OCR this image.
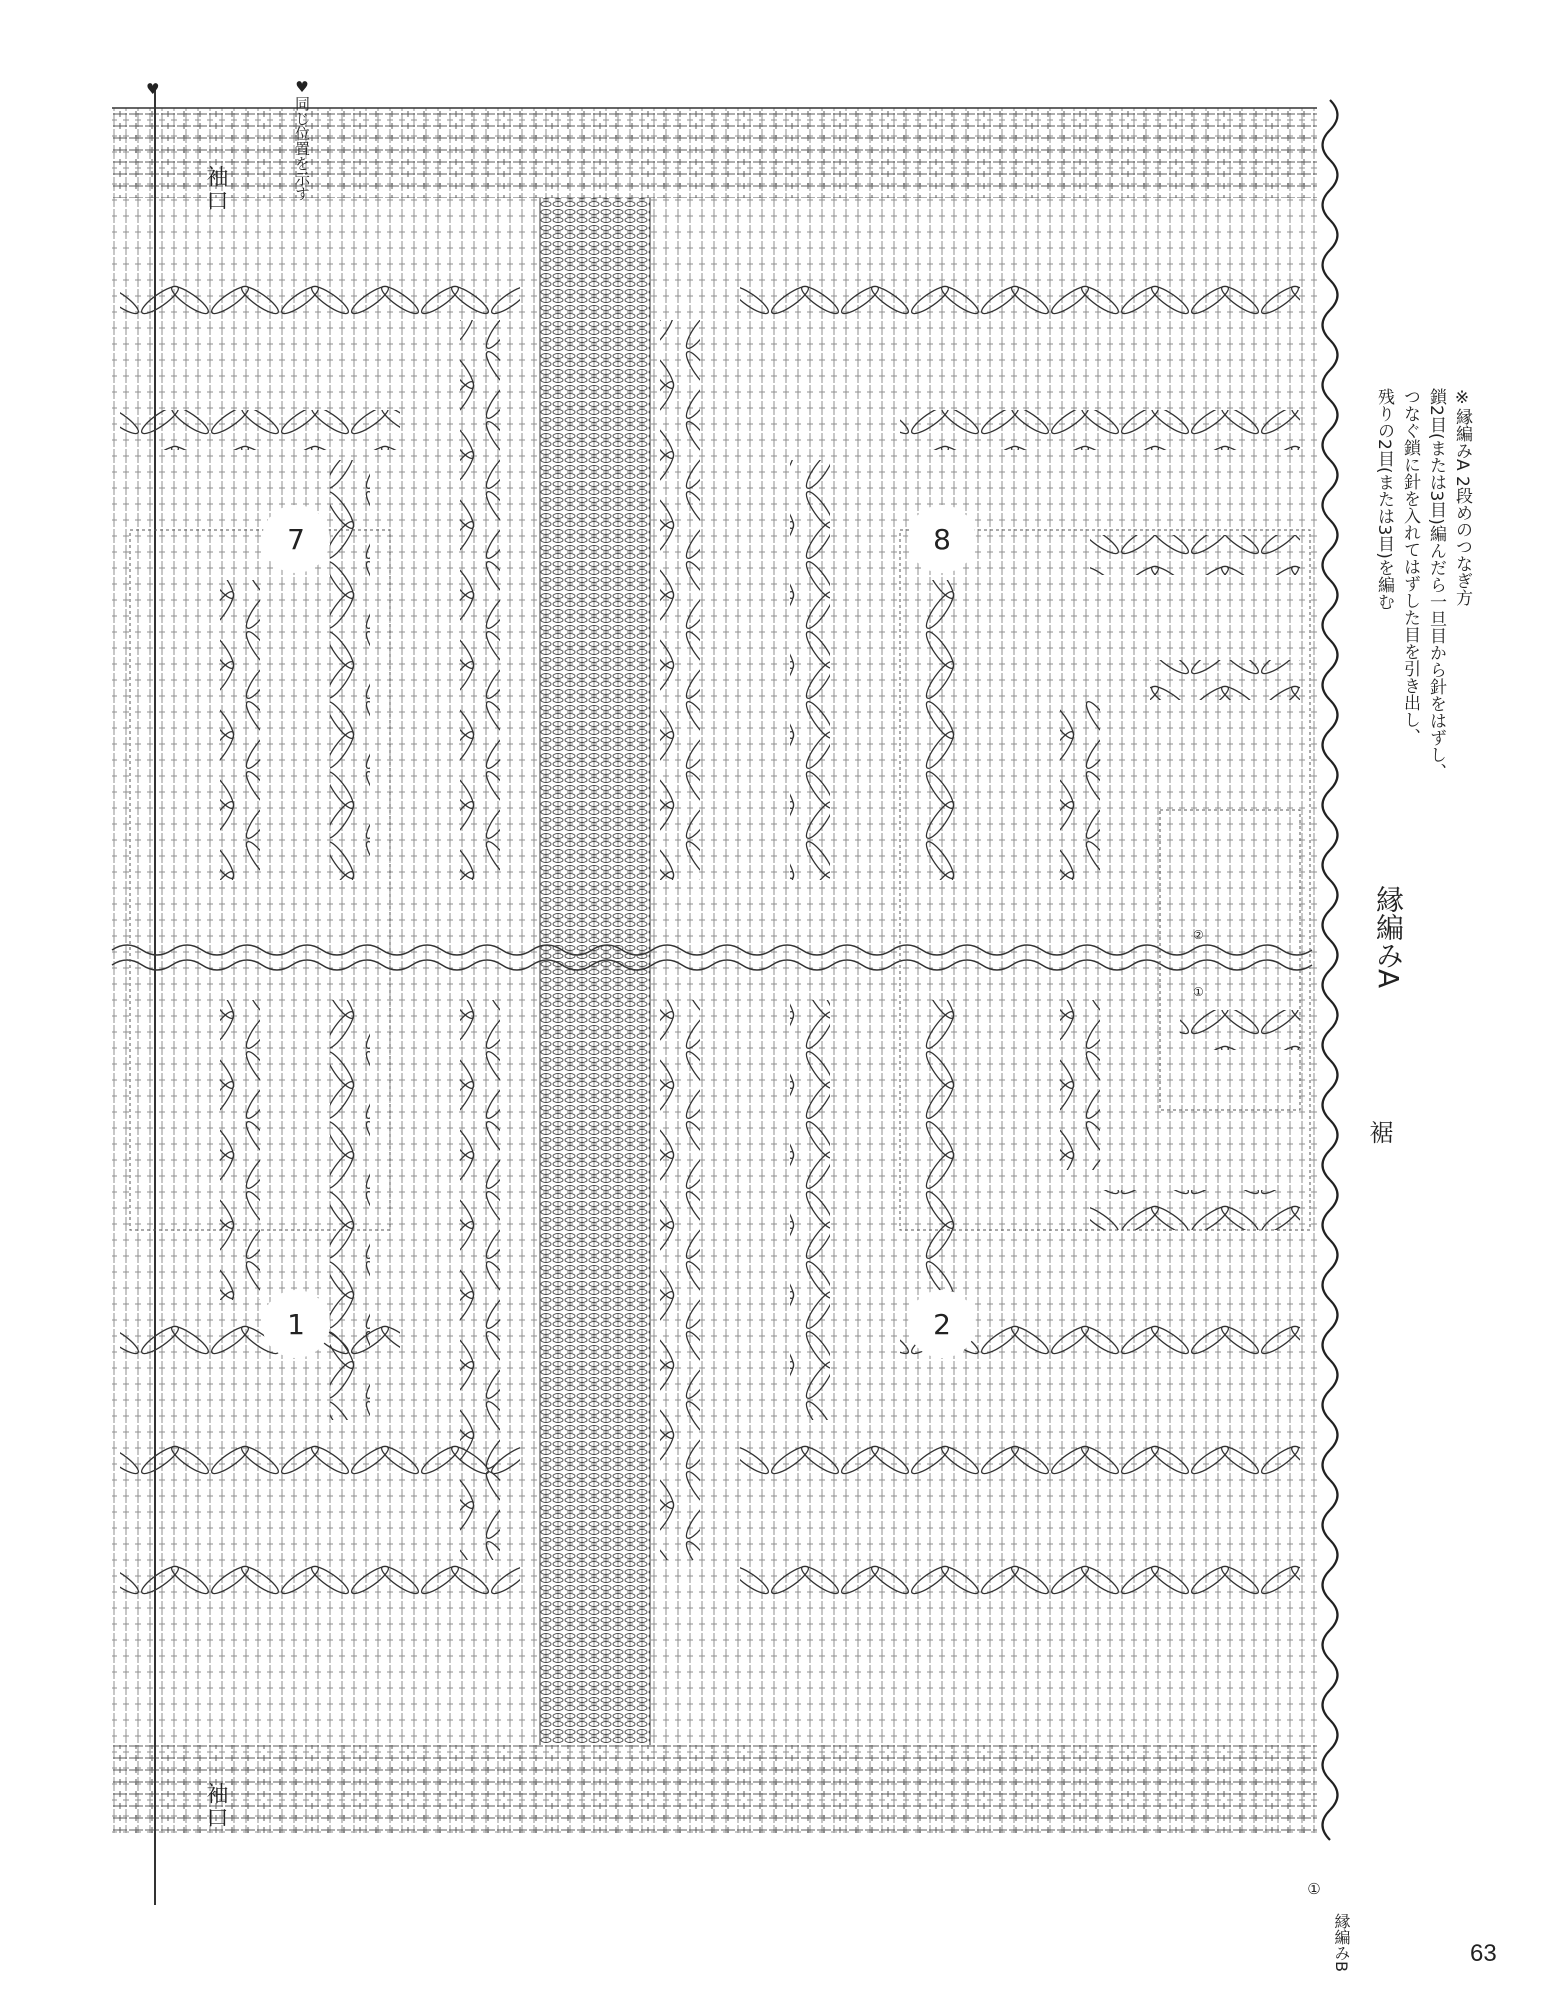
♥同じ位置を示す
♥
袖口
袖口
裾
縁編みA
縁編みB
①
①
②
7	8
1	2
※縁編みA 2段めのつなぎ方
鎖2目(または3目)編んだら一旦目から針をはずし、
つなぐ鎖に針を入れてはずした目を引き出し、
残りの2目(または3目)を編む
63
